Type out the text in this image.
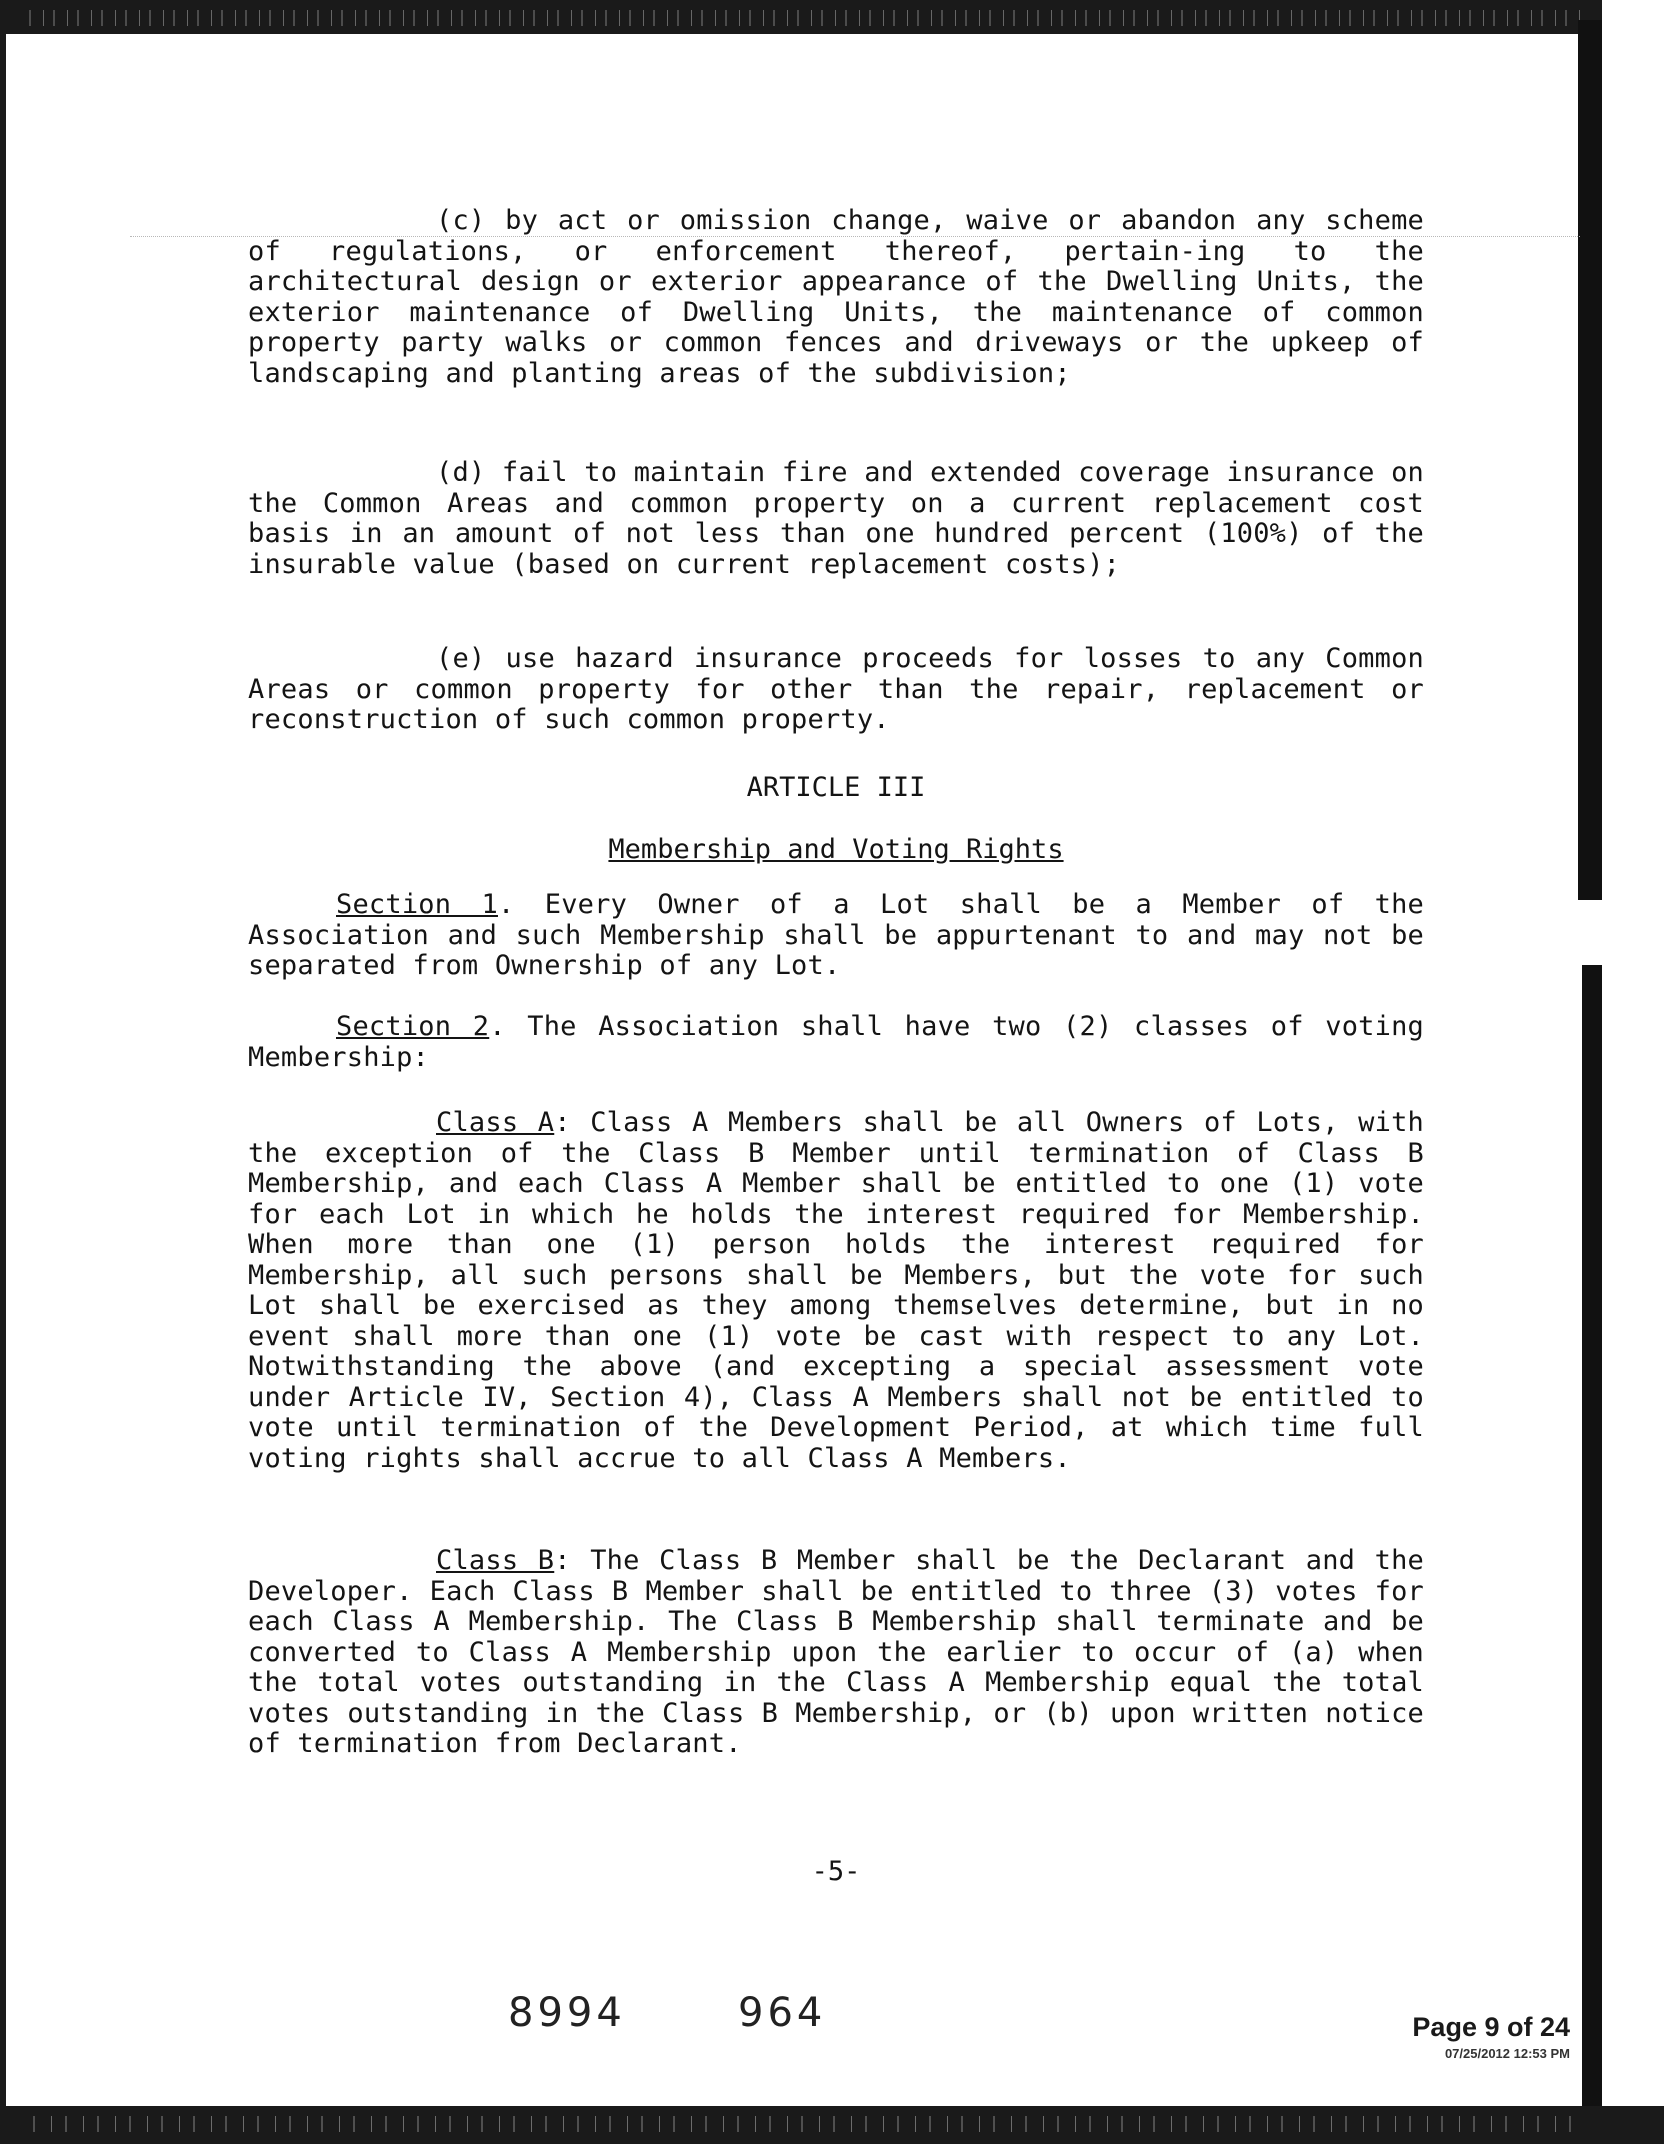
(c) by act or omission change, waive or abandon any scheme of regulations, or enforcement thereof, pertain-ing to the architectural design or exterior appearance of the Dwelling Units, the exterior maintenance of Dwelling Units, the maintenance of common property party walks or common fences and driveways or the upkeep of landscaping and planting areas of the subdivision;

(d) fail to maintain fire and extended coverage insurance on the Common Areas and common property on a current replacement cost basis in an amount of not less than one hundred percent (100%) of the insurable value (based on current replacement costs);

(e) use hazard insurance proceeds for losses to any Common Areas or common property for other than the repair, replacement or reconstruction of such common property.

ARTICLE III
Membership and Voting Rights

Section 1. Every Owner of a Lot shall be a Member of the Association and such Membership shall be appurtenant to and may not be separated from Ownership of any Lot.

Section 2. The Association shall have two (2) classes of voting Membership:

Class A: Class A Members shall be all Owners of Lots, with the exception of the Class B Member until termination of Class B Membership, and each Class A Member shall be entitled to one (1) vote for each Lot in which he holds the interest required for Membership. When more than one (1) person holds the interest required for Membership, all such persons shall be Members, but the vote for such Lot shall be exercised as they among themselves determine, but in no event shall more than one (1) vote be cast with respect to any Lot. Notwithstanding the above (and excepting a special assessment vote under Article IV, Section 4), Class A Members shall not be entitled to vote until termination of the Development Period, at which time full voting rights shall accrue to all Class A Members.

Class B: The Class B Member shall be the Declarant and the Developer. Each Class B Member shall be entitled to three (3) votes for each Class A Membership. The Class B Membership shall terminate and be converted to Class A Membership upon the earlier to occur of (a) when the total votes outstanding in the Class A Membership equal the total votes outstanding in the Class B Membership, or (b) upon written notice of termination from Declarant.

-5-
8994	964	Page 9 of 24
07/25/2012 12:53 PM
